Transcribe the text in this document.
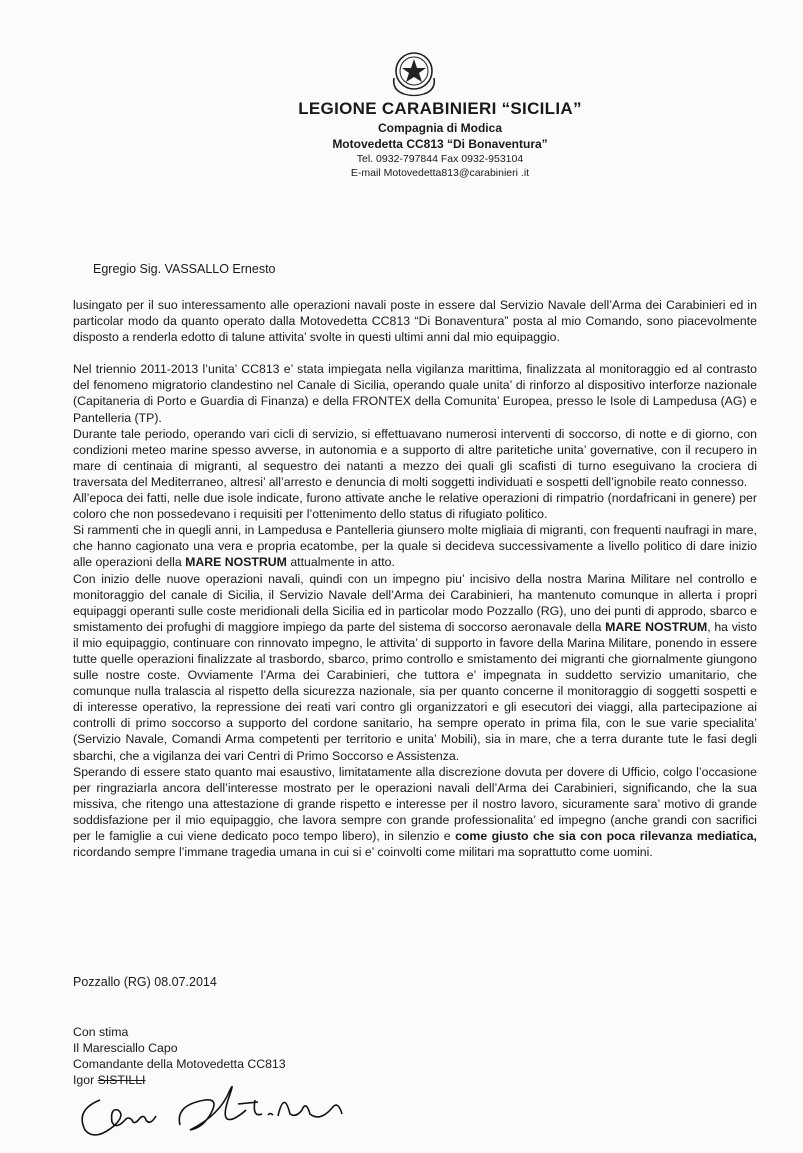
LEGIONE CARABINIERI “SICILIA”

Compagnia di Modica

Motovedetta CC813 “Di Bonaventura”

Tel. 0932-797844 Fax 0932-953104

E-mail Motovedetta813@carabinieri .it

Egregio Sig. VASSALLO Ernesto

lusingato per il suo interessamento alle operazioni navali poste in essere dal Servizio Navale dell’Arma dei Carabinieri ed in particolar modo da quanto operato dalla Motovedetta CC813 “Di Bonaventura” posta al mio Comando, sono piacevolmente disposto a renderla edotto di talune attivita’ svolte in questi ultimi anni dal mio equipaggio.

Nel triennio 2011-2013 l’unita’ CC813 e’ stata impiegata nella vigilanza marittima, finalizzata al monitoraggio ed al contrasto del fenomeno migratorio clandestino nel Canale di Sicilia, operando quale unita’ di rinforzo al dispositivo interforze nazionale (Capitaneria di Porto e Guardia di Finanza) e della FRONTEX della Comunita’ Europea, presso le Isole di Lampedusa (AG) e Pantelleria (TP).

Durante tale periodo, operando vari cicli di servizio, si effettuavano numerosi interventi di soccorso, di notte e di giorno, con condizioni meteo marine spesso avverse, in autonomia e a supporto di altre paritetiche unita’ governative, con il recupero in mare di centinaia di migranti, al sequestro dei natanti a mezzo dei quali gli scafisti di turno eseguivano la crociera di traversata del Mediterraneo, altresi’ all’arresto e denuncia di molti soggetti individuati e sospetti dell’ignobile reato connesso.

All’epoca dei fatti, nelle due isole indicate, furono attivate anche le relative operazioni di rimpatrio (nordafricani in genere) per coloro che non possedevano i requisiti per l’ottenimento dello status di rifugiato politico.

Si rammenti che in quegli anni, in Lampedusa e Pantelleria giunsero molte migliaia di migranti, con frequenti naufragi in mare, che hanno cagionato una vera e propria ecatombe, per la quale si decideva successivamente a livello politico di dare inizio alle operazioni della MARE NOSTRUM attualmente in atto.

Con inizio delle nuove operazioni navali, quindi con un impegno piu’ incisivo della nostra Marina Militare nel controllo e monitoraggio del canale di Sicilia, il Servizio Navale dell’Arma dei Carabinieri, ha mantenuto comunque in allerta i propri equipaggi operanti sulle coste meridionali della Sicilia ed in particolar modo Pozzallo (RG), uno dei punti di approdo, sbarco e smistamento dei profughi di maggiore impiego da parte del sistema di soccorso aeronavale della MARE NOSTRUM, ha visto il mio equipaggio, continuare con rinnovato impegno, le attivita’ di supporto in favore della Marina Militare, ponendo in essere tutte quelle operazioni finalizzate al trasbordo, sbarco, primo controllo e smistamento dei migranti che giornalmente giungono sulle nostre coste. Ovviamente l’Arma dei Carabinieri, che tuttora e’ impegnata in suddetto servizio umanitario, che comunque nulla tralascia al rispetto della sicurezza nazionale, sia per quanto concerne il monitoraggio di soggetti sospetti e di interesse operativo, la repressione dei reati vari contro gli organizzatori e gli esecutori dei viaggi, alla partecipazione ai controlli di primo soccorso a supporto del cordone sanitario, ha sempre operato in prima fila, con le sue varie specialita’ (Servizio Navale, Comandi Arma competenti per territorio e unita’ Mobili), sia in mare, che a terra durante tute le fasi degli sbarchi, che a vigilanza dei vari Centri di Primo Soccorso e Assistenza.

Sperando di essere stato quanto mai esaustivo, limitatamente alla discrezione dovuta per dovere di Ufficio, colgo l’occasione per ringraziarla ancora dell’interesse mostrato per le operazioni navali dell’Arma dei Carabinieri, significando, che la sua missiva, che ritengo una attestazione di grande rispetto e interesse per il nostro lavoro, sicuramente sara’ motivo di grande soddisfazione per il mio equipaggio, che lavora sempre con grande professionalita’ ed impegno (anche grandi con sacrifici per le famiglie a cui viene dedicato poco tempo libero), in silenzio e come giusto che sia con poca rilevanza mediatica, ricordando sempre l’immane tragedia umana in cui si e’ coinvolti come militari ma soprattutto come uomini.

Pozzallo (RG) 08.07.2014
Con stima
Il Maresciallo Capo
Comandante della Motovedetta CC813
Igor SISTILLI
